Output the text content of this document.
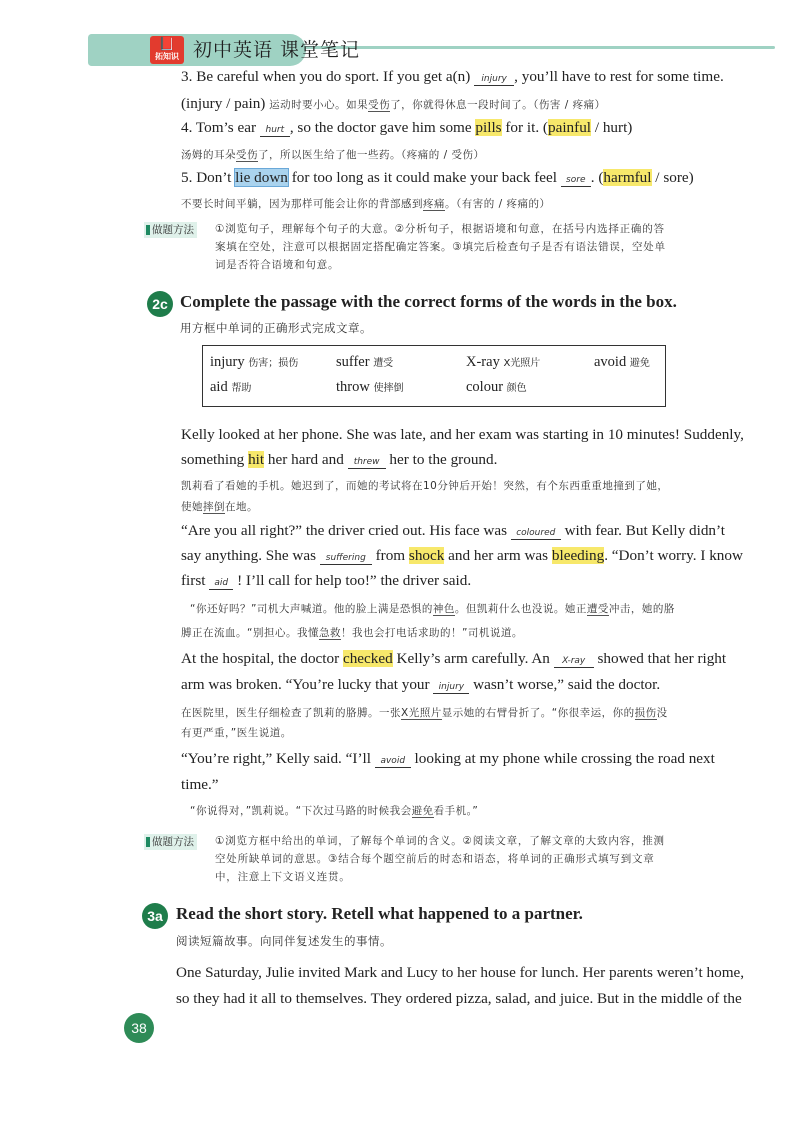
📕
拓知识 初中英语 课堂笔记
3. Be careful when you do sport. If you get a(n) injury , you’ll have to rest for some time.
(injury / pain) 运动时要小心。如果受伤了，你就得休息一段时间了。（伤害 / 疼痛）
4. Tom’s ear hurt , so the doctor gave him some pills for it. (painful / hurt)
汤姆的耳朵受伤了，所以医生给了他一些药。（疼痛的 / 受伤）
5. Don’t lie down for too long as it could make your back feel sore . (harmful / sore)
不要长时间平躺，因为那样可能会让你的背部感到疼痛。（有害的 / 疼痛的）
做题方法 ①浏览句子，理解每个句子的大意。②分析句子，根据语境和句意，在括号内选择正确的答
案填在空处，注意可以根据固定搭配确定答案。③填完后检查句子是否有语法错误，空处单
词是否符合语境和句意。
2c Complete the passage with the correct forms of the words in the box.
用方框中单词的正确形式完成文章。
injury 伤害；损伤	suffer 遭受	X-ray X光照片	avoid 避免
aid 帮助	throw 使摔倒	colour 颜色
Kelly looked at her phone. She was late, and her exam was starting in 10 minutes! Suddenly,
something hit her hard and threw her to the ground.
凯莉看了看她的手机。她迟到了，而她的考试将在10分钟后开始！突然，有个东西重重地撞到了她，
使她摔倒在地。
“Are you all right?” the driver cried out. His face was coloured with fear. But Kelly didn’t
say anything. She was suffering from shock and her arm was bleeding. “Don’t worry. I know
first aid ! I’ll call for help too!” the driver said.
“你还好吗？”司机大声喊道。他的脸上满是恐惧的神色。但凯莉什么也没说。她正遭受冲击，她的胳
膊正在流血。“别担心。我懂急救！我也会打电话求助的！”司机说道。
At the hospital, the doctor checked Kelly’s arm carefully. An X-ray showed that her right
arm was broken. “You’re lucky that your injury wasn’t worse,” said the doctor.
在医院里，医生仔细检查了凯莉的胳膊。一张X光照片显示她的右臂骨折了。“你很幸运，你的损伤没
有更严重，”医生说道。
“You’re right,” Kelly said. “I’ll avoid looking at my phone while crossing the road next
time.”
“你说得对，”凯莉说。“下次过马路的时候我会避免看手机。”
做题方法 ①浏览方框中给出的单词，了解每个单词的含义。②阅读文章，了解文章的大致内容，推测
空处所缺单词的意思。③结合每个题空前后的时态和语态，将单词的正确形式填写到文章
中，注意上下文语义连贯。
3a Read the short story. Retell what happened to a partner.
阅读短篇故事。向同伴复述发生的事情。
One Saturday, Julie invited Mark and Lucy to her house for lunch. Her parents weren’t home,
so they had it all to themselves. They ordered pizza, salad, and juice. But in the middle of the
38
